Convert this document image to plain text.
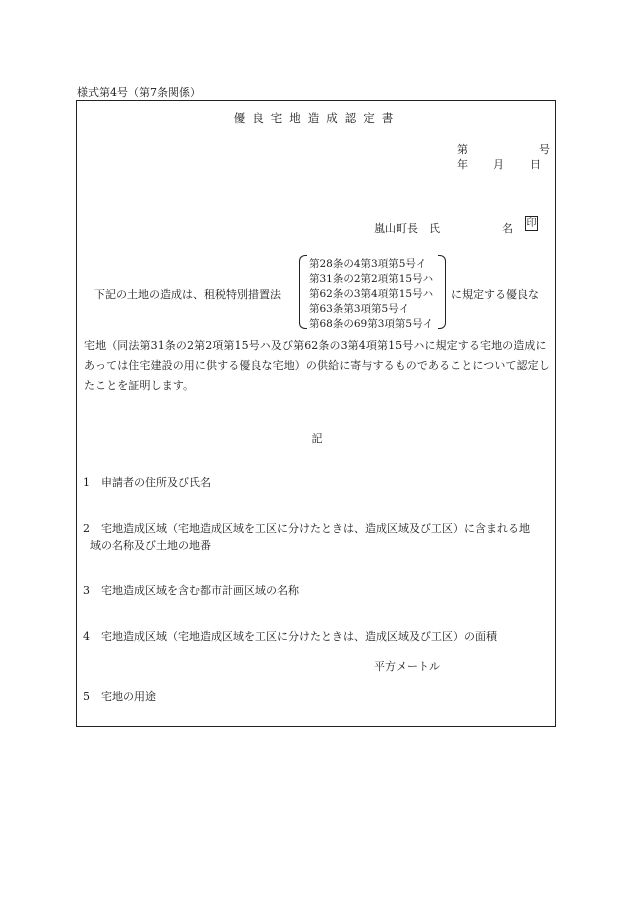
様式第4号（第7条関係）
優良宅地造成認定書
第	号
年 月 日
嵐山町長　氏	名 印
下記の土地の造成は、租税特別措置法
第28条の4第3項第5号イ
第31条の2第2項第15号ハ
第62条の3第4項第15号ハ
第63条第3項第5号イ
第68条の69第3項第5号イ
に規定する優良な
宅地（同法第31条の2第2項第15号ハ及び第62条の3第4項第15号ハに規定する宅地の造成にあっては住宅建設の用に供する優良な宅地）の供給に寄与するものであることについて認定したことを証明します。
記
1　申請者の住所及び氏名
2　宅地造成区域（宅地造成区域を工区に分けたときは、造成区域及び工区）に含まれる地
域の名称及び土地の地番
3　宅地造成区域を含む都市計画区域の名称
4　宅地造成区域（宅地造成区域を工区に分けたときは、造成区域及び工区）の面積
平方メートル
5　宅地の用途
